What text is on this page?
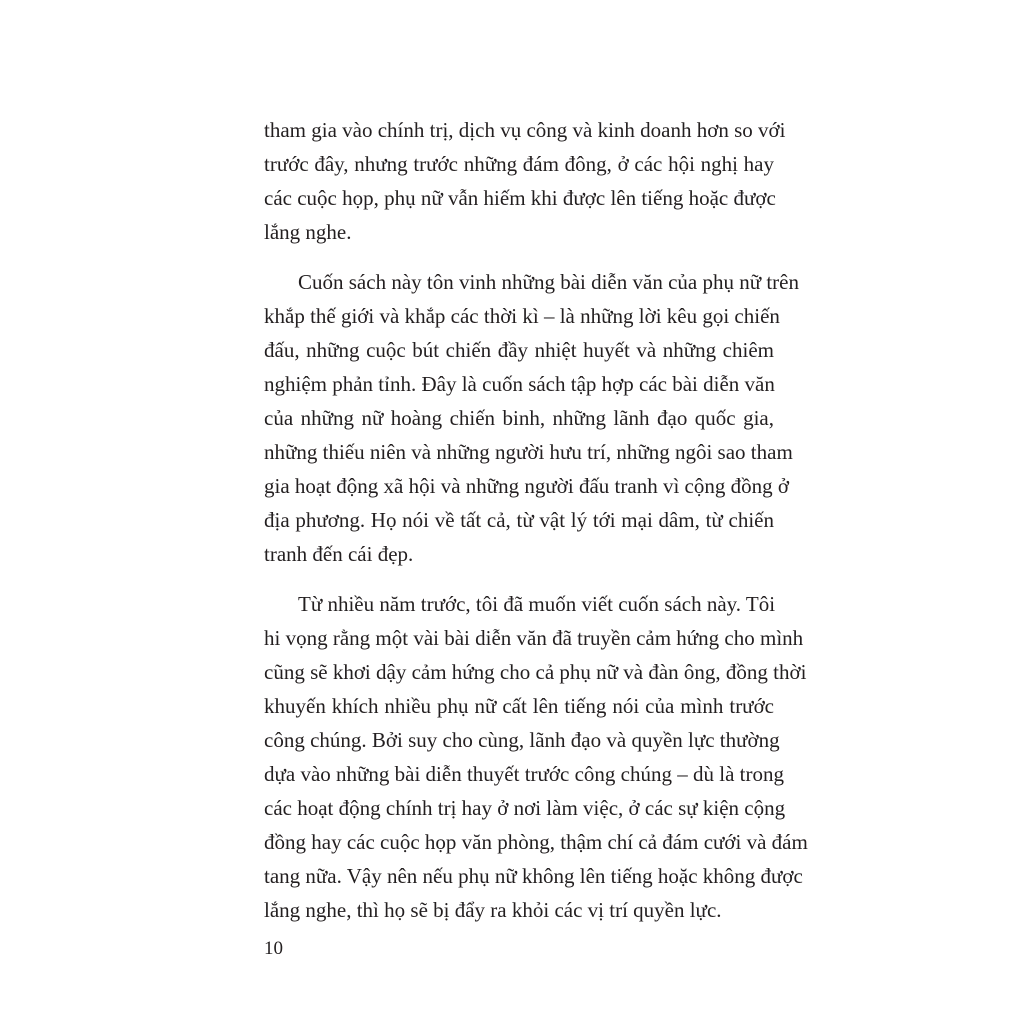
tham gia vào chính trị, dịch vụ công và kinh doanh hơn so với
trước đây, nhưng trước những đám đông, ở các hội nghị hay
các cuộc họp, phụ nữ vẫn hiếm khi được lên tiếng hoặc được
lắng nghe.
Cuốn sách này tôn vinh những bài diễn văn của phụ nữ trên
khắp thế giới và khắp các thời kì – là những lời kêu gọi chiến
đấu, những cuộc bút chiến đầy nhiệt huyết và những chiêm
nghiệm phản tỉnh. Đây là cuốn sách tập hợp các bài diễn văn
của những nữ hoàng chiến binh, những lãnh đạo quốc gia,
những thiếu niên và những người hưu trí, những ngôi sao tham
gia hoạt động xã hội và những người đấu tranh vì cộng đồng ở
địa phương. Họ nói về tất cả, từ vật lý tới mại dâm, từ chiến
tranh đến cái đẹp.
Từ nhiều năm trước, tôi đã muốn viết cuốn sách này. Tôi
hi vọng rằng một vài bài diễn văn đã truyền cảm hứng cho mình
cũng sẽ khơi dậy cảm hứng cho cả phụ nữ và đàn ông, đồng thời
khuyến khích nhiều phụ nữ cất lên tiếng nói của mình trước
công chúng. Bởi suy cho cùng, lãnh đạo và quyền lực thường
dựa vào những bài diễn thuyết trước công chúng – dù là trong
các hoạt động chính trị hay ở nơi làm việc, ở các sự kiện cộng
đồng hay các cuộc họp văn phòng, thậm chí cả đám cưới và đám
tang nữa. Vậy nên nếu phụ nữ không lên tiếng hoặc không được
lắng nghe, thì họ sẽ bị đẩy ra khỏi các vị trí quyền lực.
10
